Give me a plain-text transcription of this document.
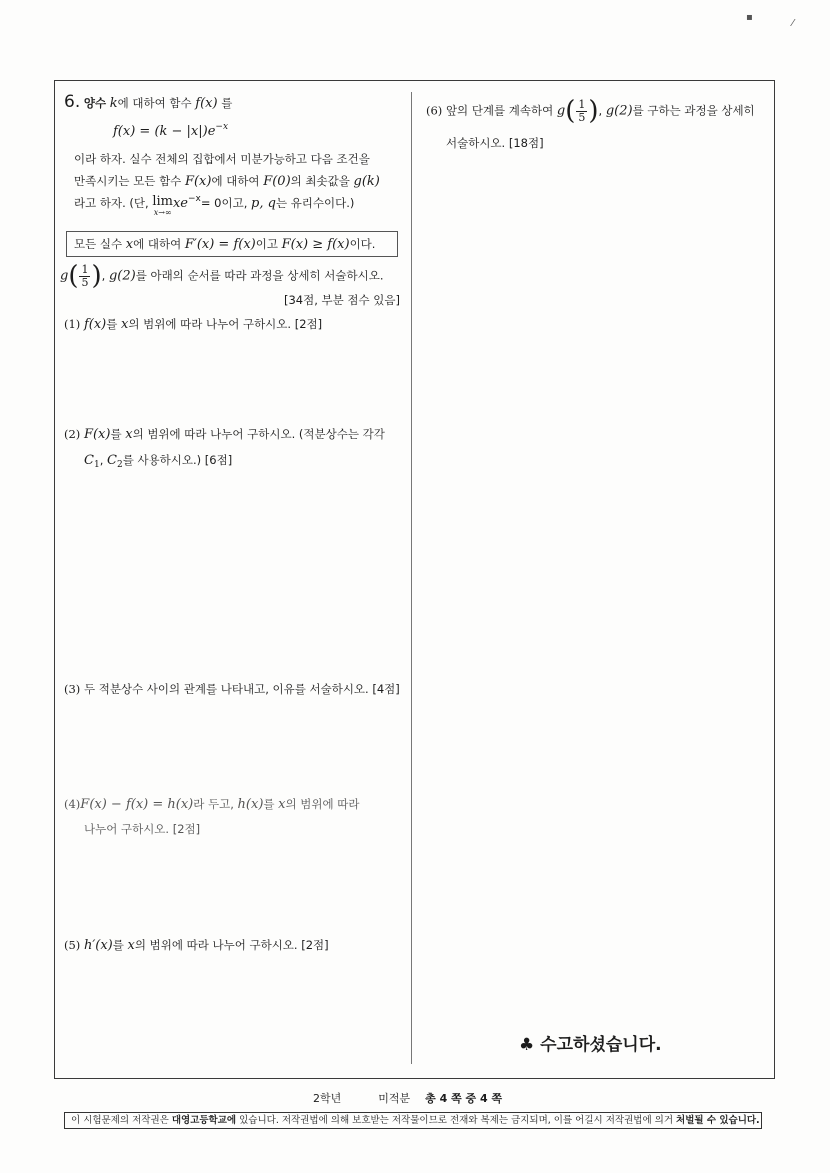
▪
⁄
6. 양수 k에 대하여 함수 f(x) 를
$f(x) = (k - |x|)e^{-x}$
이라 하자. 실수 전체의 집합에서 미분가능하고 다음 조건을
만족시키는 모든 함수 F(x)에 대하여 F(0)의 최솟값을 g(k)
라고 하자. (단, lim
x→∞
$xe^{-x}= 0$이고, p, q는 유리수이다.)
모든 실수 x에 대하여 F′(x) = f(x)이고 F(x) ≥ f(x)이다.
$g( \frac{1}{5}$ ), g(2)를 아래의 순서를 따라 과정을 상세히 서술하시오.
[34점, 부분 점수 있음]
(1) f(x)를 x의 범위에 따라 나누어 구하시오. [2점]
(2) F(x)를 x의 범위에 따라 나누어 구하시오. (적분상수는 각각
$C_1$, $C_2$를 사용하시오.) [6점]
(3) 두 적분상수 사이의 관계를 나타내고, 이유를 서술하시오. [4점]
(4)F(x) − f(x) = h(x)라 두고, h(x)를 x의 범위에 따라
나누어 구하시오. [2점]
(5) h′(x)를 x의 범위에 따라 나누어 구하시오. [2점]
(6) 앞의 단계를 계속하여 $g( \frac{1}{5}$ ), g(2)를 구하는 과정을 상세히
서술하시오. [18점]
♣ 수고하셨습니다.
2학년	미적분 총 4 쪽 중 4 쪽
이 시험문제의 저작권은 대영고등학교에 있습니다. 저작권법에 의해 보호받는 저작물이므로 전재와 복제는 금지되며, 이를 어길시 저작권법에 의거 처벌될 수 있습니다.
